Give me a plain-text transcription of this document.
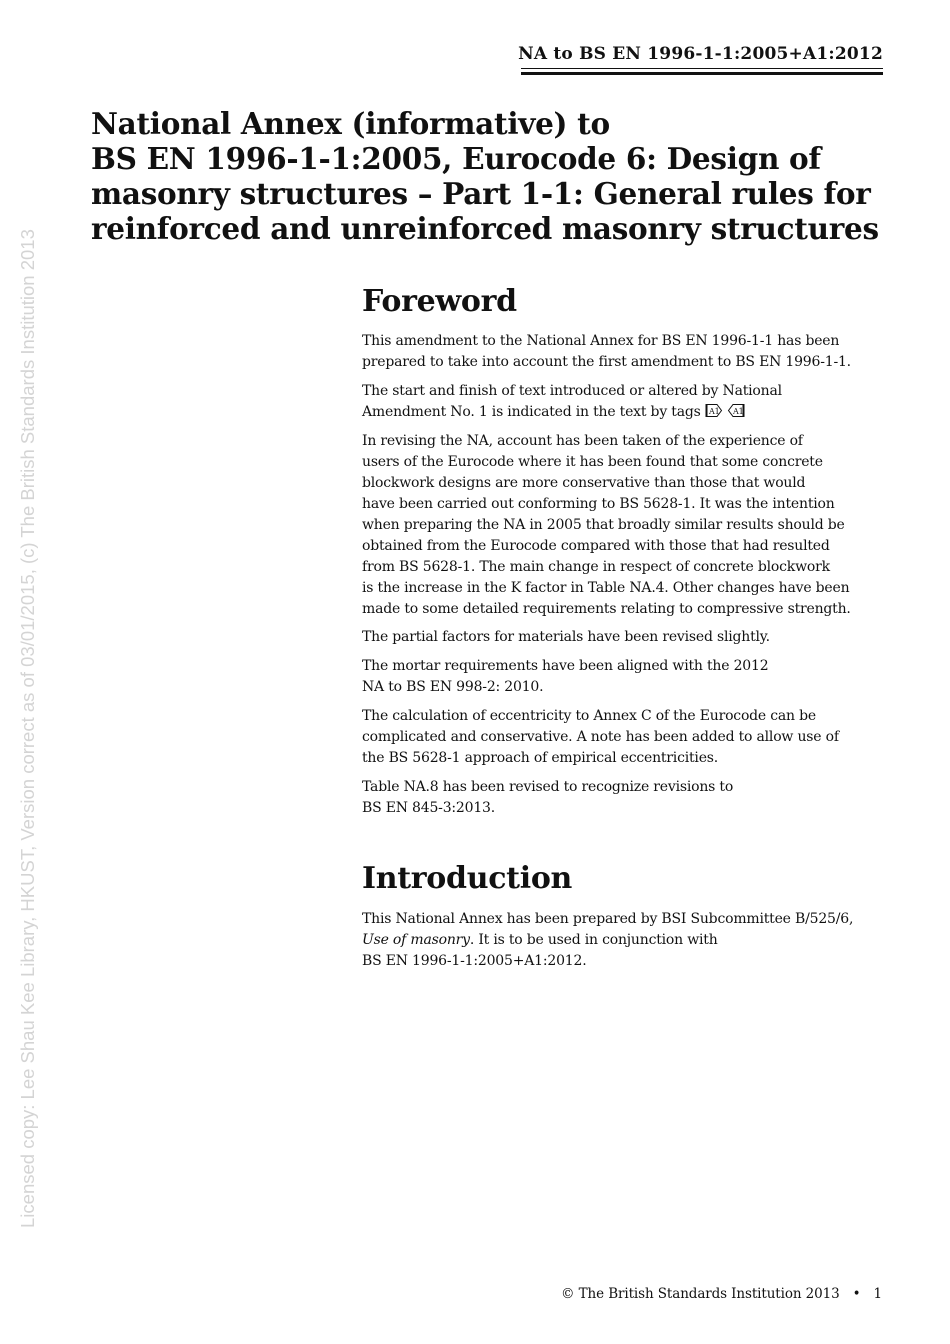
NA to BS EN 1996-1-1:2005+A1:2012
Licensed copy: Lee Shau Kee Library, HKUST, Version correct as of 03/01/2015, (c) The British Standards Institution 2013
National Annex (informative) to
BS EN 1996-1-1:2005, Eurocode 6: Design of
masonry structures – Part 1-1: General rules for
reinforced and unreinforced masonry structures
Foreword

This amendment to the National Annex for BS EN 1996-1-1 has been
prepared to take into account the first amendment to BS EN 1996-1-1.

The start and finish of text introduced or altered by National
Amendment No. 1 is indicated in the text by tags A1
A1

In revising the NA, account has been taken of the experience of
users of the Eurocode where it has been found that some concrete
blockwork designs are more conservative than those that would
have been carried out conforming to BS 5628-1. It was the intention
when preparing the NA in 2005 that broadly similar results should be
obtained from the Eurocode compared with those that had resulted
from BS 5628-1. The main change in respect of concrete blockwork
is the increase in the K factor in Table NA.4. Other changes have been
made to some detailed requirements relating to compressive strength.

The partial factors for materials have been revised slightly.

The mortar requirements have been aligned with the 2012
NA to BS EN 998-2: 2010.

The calculation of eccentricity to Annex C of the Eurocode can be
complicated and conservative. A note has been added to allow use of
the BS 5628-1 approach of empirical eccentricities.

Table NA.8 has been revised to recognize revisions to
BS EN 845-3:2013.

Introduction

This National Annex has been prepared by BSI Subcommittee B/525/6,
Use of masonry. It is to be used in conjunction with
BS EN 1996-1-1:2005+A1:2012.

© The British Standards Institution 2013 • 1
